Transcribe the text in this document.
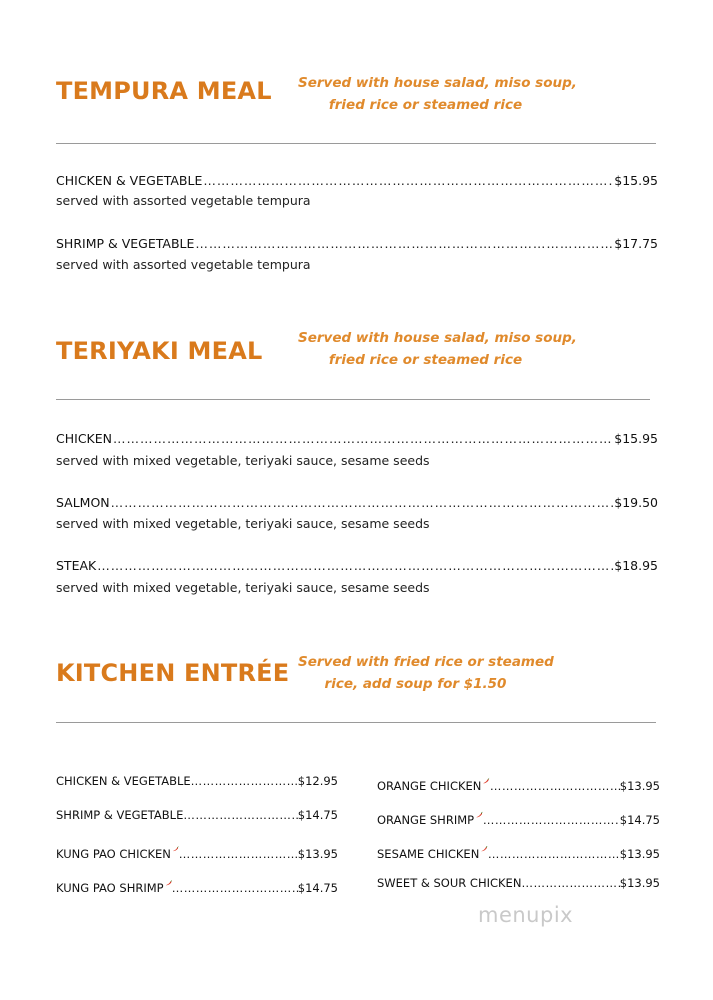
TEMPURA MEAL Served with house salad, miso soup,
fried rice or steamed rice
CHICKEN & VEGETABLE ……………………………………………………………………………………………………………………………………………………………………………………	$15.95
served with assorted vegetable tempura
SHRIMP & VEGETABLE ……………………………………………………………………………………………………………………………………………………………………………………	$17.75
served with assorted vegetable tempura
TERIYAKI MEAL	Served with house salad, miso soup,
fried rice or steamed rice
CHICKEN ……………………………………………………………………………………………………………………………………………………………………………………	$15.95
served with mixed vegetable, teriyaki sauce, sesame seeds
SALMON ……………………………………………………………………………………………………………………………………………………………………………………	$19.50
served with mixed vegetable, teriyaki sauce, sesame seeds
STEAK ……………………………………………………………………………………………………………………………………………………………………………………	$18.95
served with mixed vegetable, teriyaki sauce, sesame seeds
KITCHEN ENTRÉE Served with fried rice or steamed
rice, add soup for $1.50
CHICKEN & VEGETABLE ……………………………………………………………………………………	$12.95
SHRIMP & VEGETABLE ……………………………………………………………………………………	$14.75
KUNG PAO CHICKEN ……………………………………………………………………………………	$13.95
KUNG PAO SHRIMP ……………………………………………………………………………………	$14.75
ORANGE CHICKEN ……………………………………………………………………………………	$13.95
ORANGE SHRIMP ……………………………………………………………………………………	$14.75
SESAME CHICKEN ……………………………………………………………………………………	$13.95
SWEET & SOUR CHICKEN ……………………………………………………………………………………	$13.95
menupix
